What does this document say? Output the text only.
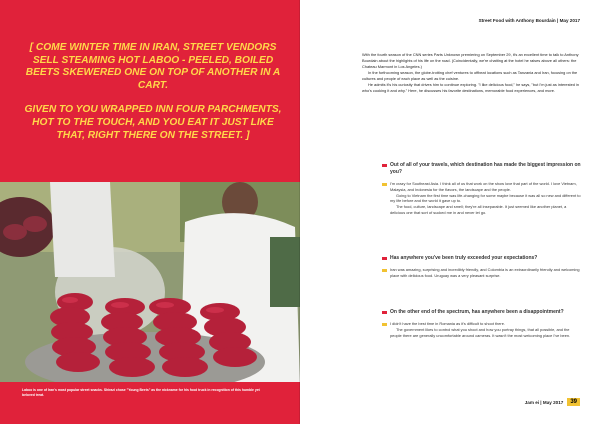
[ COME WINTER TIME IN IRAN, STREET VENDORS SELL STEAMING HOT LABOO - PEELED, BOILED BEETS SKEWERED ONE ON TOP OF ANOTHER IN A CART.

GIVEN TO YOU WRAPPED INN FOUR PARCHMENTS, HOT TO THE TOUCH, AND YOU EAT IT JUST LIKE THAT, RIGHT THERE ON THE STREET. ]

Laboo is one of Iran's most popular street snacks. Shirazi chose "Young Beets" as the nickname for his food truck in recognition of this humble yet beloved treat.
Street Food with Anthony Bourdain | May 2017

With the fourth season of the CNN series Parts Unknown premiering on September 29, it's an excellent time to talk to Anthony Bourdain about the highlights of his life on the road. (Coincidentally, we're chatting at the hotel he raises above all others: the Chateau Marmont in Los Angeles.)

In the forthcoming season, the globe-trotting chef ventures to offbeat locations such as Tanzania and Iran, focusing on the cultures and people of each place as well as the cuisine.

He admits it's his curiosity that drives him to continue exploring. "I like delicious food," he says, "but I'm just as interested in who's cooking it and why." Here, he discusses his favorite destinations, memorable food experiences, and more.

Out of all of your travels, which destination has made the biggest impression on you?

I'm crazy for Southeast Asia. I think all of us that work on the show love that part of the world. I love Vietnam, Malaysia, and Indonesia for the flavors, the landscape and the people.

Going to Vietnam the first time was life-changing for some maybe because it was all so new and different to my life before and the world it gave up to.

The food, culture, landscape and smell; they're all inseparable. It just seemed like another planet, a delicious one that sort of sucked me in and never let go.

Has anywhere you've been truly exceeded your expectations?

Iran was amazing, surprising and incredibly friendly, and Colombia is an extraordinarily friendly and welcoming place with delicious food. Uruguay was a very pleasant surprise.

On the other end of the spectrum, has anywhere been a disappointment?

I didn't have the best time in Romania as it's difficult to shoot there.

The government likes to control what you shoot and how you portray things, that all possible, and the people there are generally uncomfortable around cameras. It wasn't the most welcoming place I've been.

Jam ei | May 2017	39
